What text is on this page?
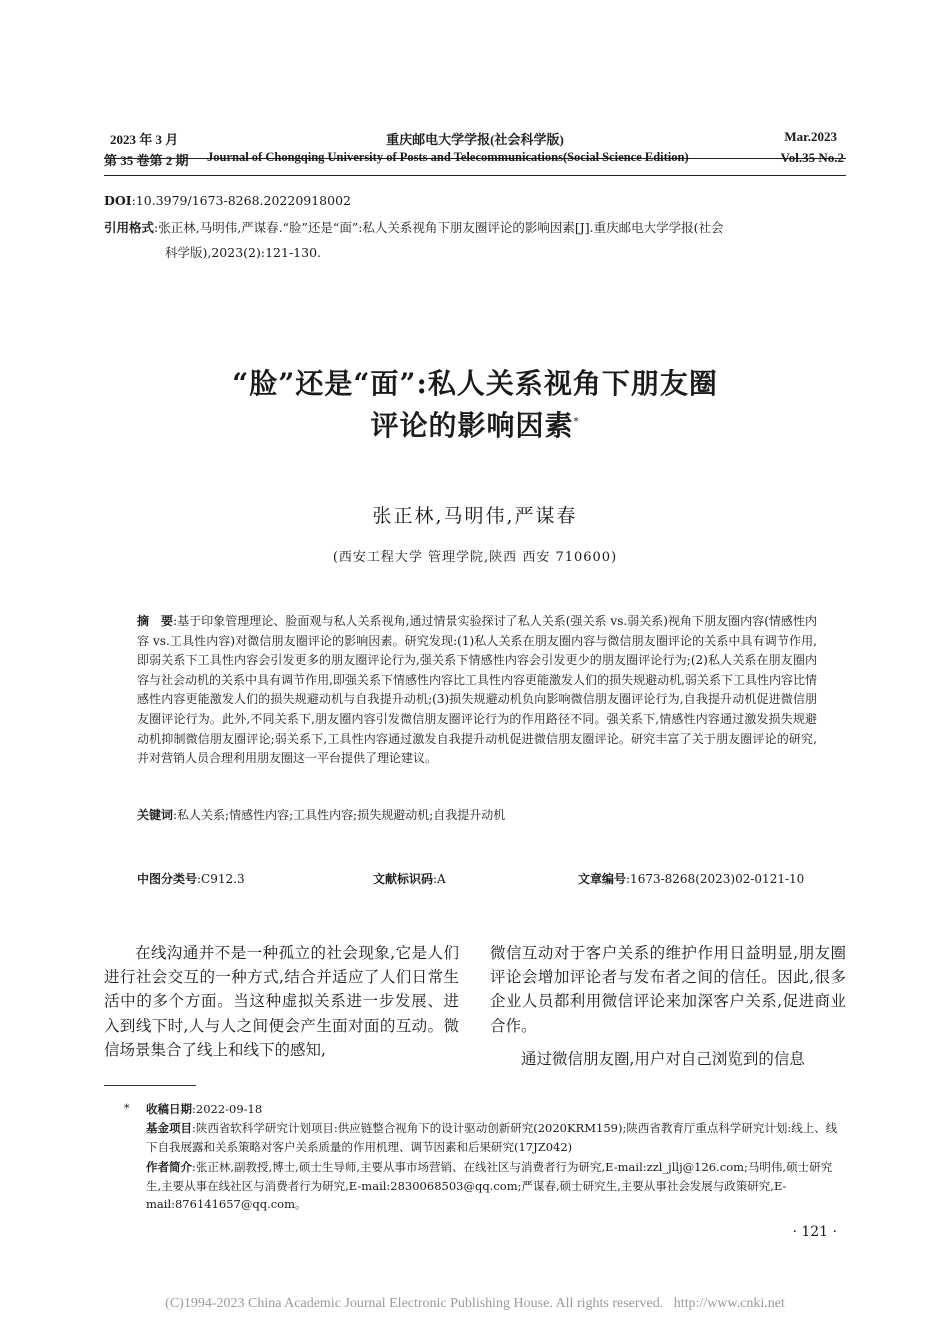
2023 年 3 月	重庆邮电大学学报(社会科学版)	Mar.2023
第 35 卷第 2 期 Journal of Chongqing University of Posts and Telecommunications(Social Science Edition)	Vol.35 No.2
DOI:10.3979/1673-8268.20220918002
引用格式:张正林,马明伟,严谋春.“脸”还是“面”:私人关系视角下朋友圈评论的影响因素[J].重庆邮电大学学报(社会
科学版),2023(2):121-130.
“脸”还是“面”:私人关系视角下朋友圈
评论的影响因素*
张正林,马明伟,严谋春
(西安工程大学 管理学院,陕西 西安 710600)
摘　要:基于印象管理理论、脸面观与私人关系视角,通过情景实验探讨了私人关系(强关系 vs.弱关系)视角下朋友圈内容(情感性内容 vs.工具性内容)对微信朋友圈评论的影响因素。研究发现:(1)私人关系在朋友圈内容与微信朋友圈评论的关系中具有调节作用,即弱关系下工具性内容会引发更多的朋友圈评论行为,强关系下情感性内容会引发更少的朋友圈评论行为;(2)私人关系在朋友圈内容与社会动机的关系中具有调节作用,即强关系下情感性内容比工具性内容更能激发人们的损失规避动机,弱关系下工具性内容比情感性内容更能激发人们的损失规避动机与自我提升动机;(3)损失规避动机负向影响微信朋友圈评论行为,自我提升动机促进微信朋友圈评论行为。此外,不同关系下,朋友圈内容引发微信朋友圈评论行为的作用路径不同。强关系下,情感性内容通过激发损失规避动机抑制微信朋友圈评论;弱关系下,工具性内容通过激发自我提升动机促进微信朋友圈评论。研究丰富了关于朋友圈评论的研究,并对营销人员合理利用朋友圈这一平台提供了理论建议。
关键词:私人关系;情感性内容;工具性内容;损失规避动机;自我提升动机
中图分类号:C912.3	文献标识码:A	文章编号:1673-8268(2023)02-0121-10
在线沟通并不是一种孤立的社会现象,它是人们进行社会交互的一种方式,结合并适应了人们日常生活中的多个方面。当这种虚拟关系进一步发展、进入到线下时,人与人之间便会产生面对面的互动。微信场景集合了线上和线下的感知,
微信互动对于客户关系的维护作用日益明显,朋友圈评论会增加评论者与发布者之间的信任。因此,很多企业人员都利用微信评论来加深客户关系,促进商业合作。
通过微信朋友圈,用户对自己浏览到的信息
* 收稿日期:2022-09-18
基金项目:陕西省软科学研究计划项目:供应链整合视角下的设计驱动创新研究(2020KRM159);陕西省教育厅重点科学研究计划:线上、线下自我展露和关系策略对客户关系质量的作用机理、调节因素和后果研究(17JZ042)
作者简介:张正林,副教授,博士,硕士生导师,主要从事市场营销、在线社区与消费者行为研究,E-mail:zzl_jllj@126.com;马明伟,硕士研究生,主要从事在线社区与消费者行为研究,E-mail:2830068503@qq.com;严谋春,硕士研究生,主要从事社会发展与政策研究,E-mail:876141657@qq.com。
· 121 ·
(C)1994-2023 China Academic Journal Electronic Publishing House. All rights reserved. http://www.cnki.net
